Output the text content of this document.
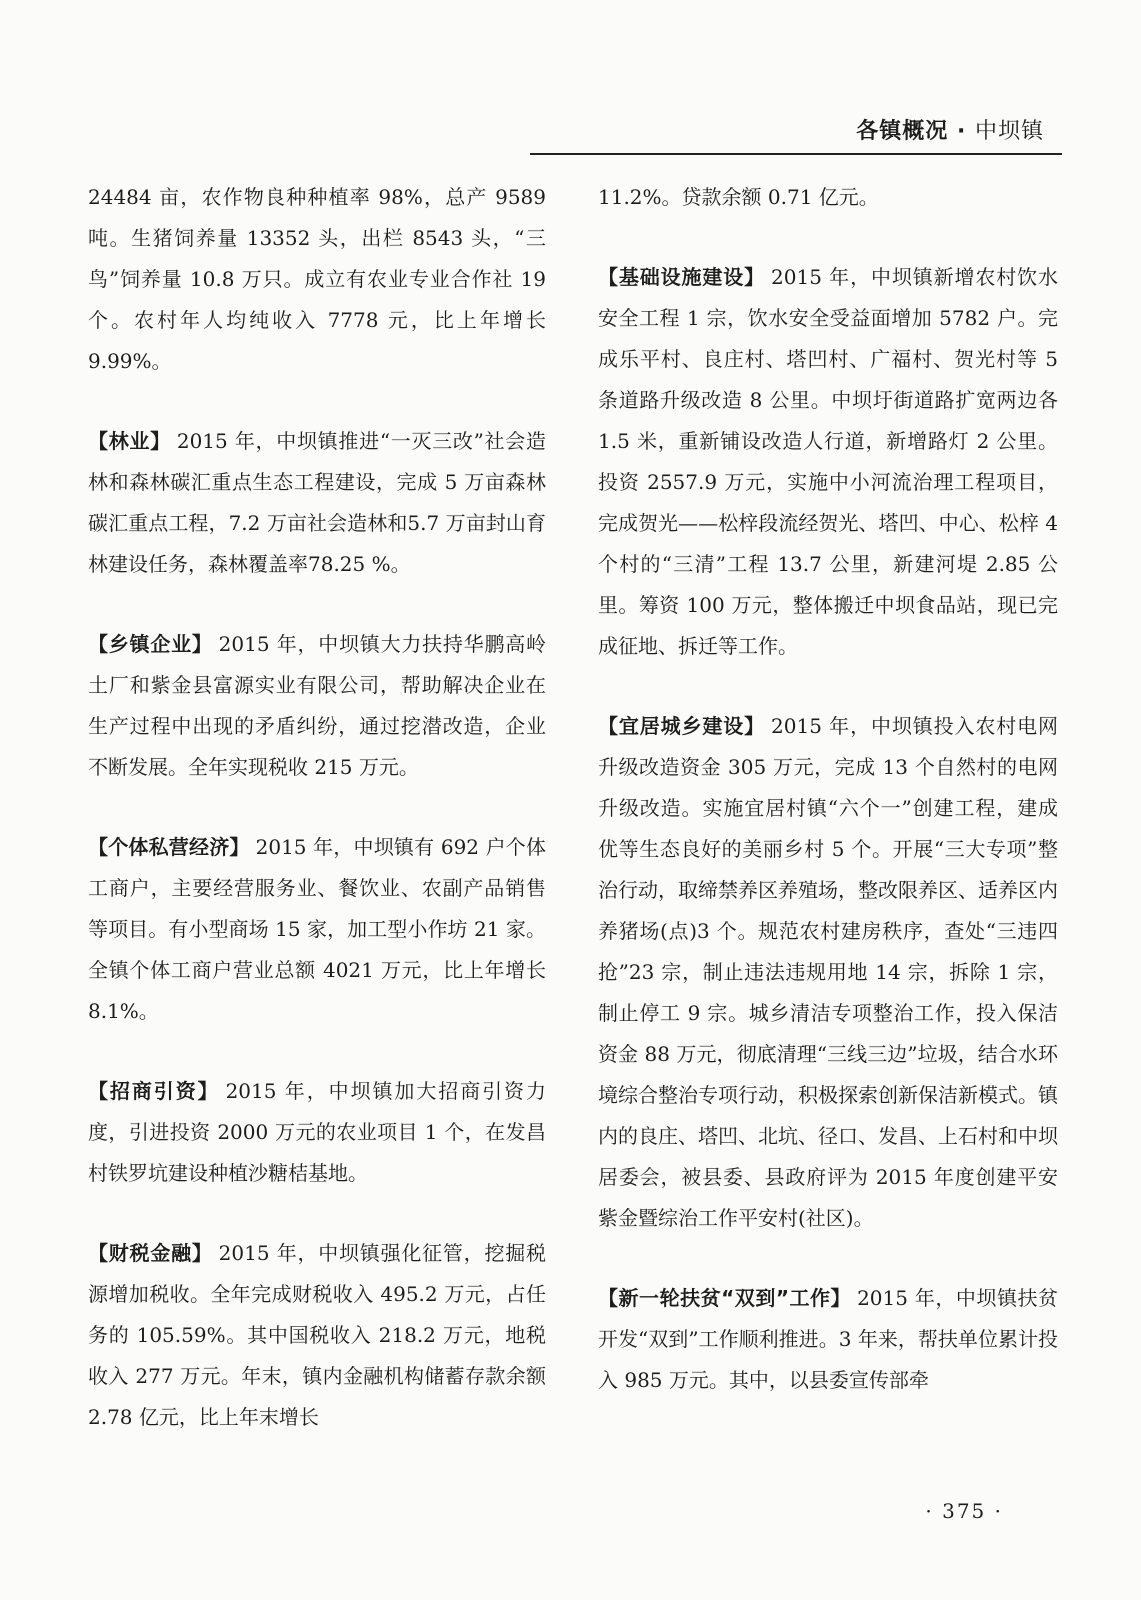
各镇概况 · 中坝镇

24484 亩，农作物良种种植率 98%，总产 9589 吨。生猪饲养量 13352 头，出栏 8543 头，“三鸟”饲养量 10.8 万只。成立有农业专业合作社 19 个。农村年人均纯收入 7778 元，比上年增长 9.99%。

【林业】 2015 年，中坝镇推进“一灭三改”社会造林和森林碳汇重点生态工程建设，完成 5 万亩森林碳汇重点工程，7.2 万亩社会造林和5.7 万亩封山育林建设任务，森林覆盖率78.25 %。

【乡镇企业】 2015 年，中坝镇大力扶持华鹏高岭土厂和紫金县富源实业有限公司，帮助解决企业在生产过程中出现的矛盾纠纷，通过挖潜改造，企业不断发展。全年实现税收 215 万元。

【个体私营经济】 2015 年，中坝镇有 692 户个体工商户，主要经营服务业、餐饮业、农副产品销售等项目。有小型商场 15 家，加工型小作坊 21 家。全镇个体工商户营业总额 4021 万元，比上年增长 8.1%。

【招商引资】 2015 年，中坝镇加大招商引资力度，引进投资 2000 万元的农业项目 1 个，在发昌村铁罗坑建设种植沙糖桔基地。

【财税金融】 2015 年，中坝镇强化征管，挖掘税源增加税收。全年完成财税收入 495.2 万元，占任务的 105.59%。其中国税收入 218.2 万元，地税收入 277 万元。年末，镇内金融机构储蓄存款余额 2.78 亿元，比上年末增长

11.2%。贷款余额 0.71 亿元。

【基础设施建设】 2015 年，中坝镇新增农村饮水安全工程 1 宗，饮水安全受益面增加 5782 户。完成乐平村、良庄村、塔凹村、广福村、贺光村等 5 条道路升级改造 8 公里。中坝圩街道路扩宽两边各 1.5 米，重新铺设改造人行道，新增路灯 2 公里。投资 2557.9 万元，实施中小河流治理工程项目，完成贺光——松梓段流经贺光、塔凹、中心、松梓 4 个村的“三清”工程 13.7 公里，新建河堤 2.85 公里。筹资 100 万元，整体搬迁中坝食品站，现已完成征地、拆迁等工作。

【宜居城乡建设】 2015 年，中坝镇投入农村电网升级改造资金 305 万元，完成 13 个自然村的电网升级改造。实施宜居村镇“六个一”创建工程，建成优等生态良好的美丽乡村 5 个。开展“三大专项”整治行动，取缔禁养区养殖场，整改限养区、适养区内养猪场(点)3 个。规范农村建房秩序，查处“三违四抢”23 宗，制止违法违规用地 14 宗，拆除 1 宗，制止停工 9 宗。城乡清洁专项整治工作，投入保洁资金 88 万元，彻底清理“三线三边”垃圾，结合水环境综合整治专项行动，积极探索创新保洁新模式。镇内的良庄、塔凹、北坑、径口、发昌、上石村和中坝居委会，被县委、县政府评为 2015 年度创建平安紫金暨综治工作平安村(社区)。

【新一轮扶贫“双到”工作】 2015 年，中坝镇扶贫开发“双到”工作顺利推进。3 年来，帮扶单位累计投入 985 万元。其中，以县委宣传部牵

· 375 ·
